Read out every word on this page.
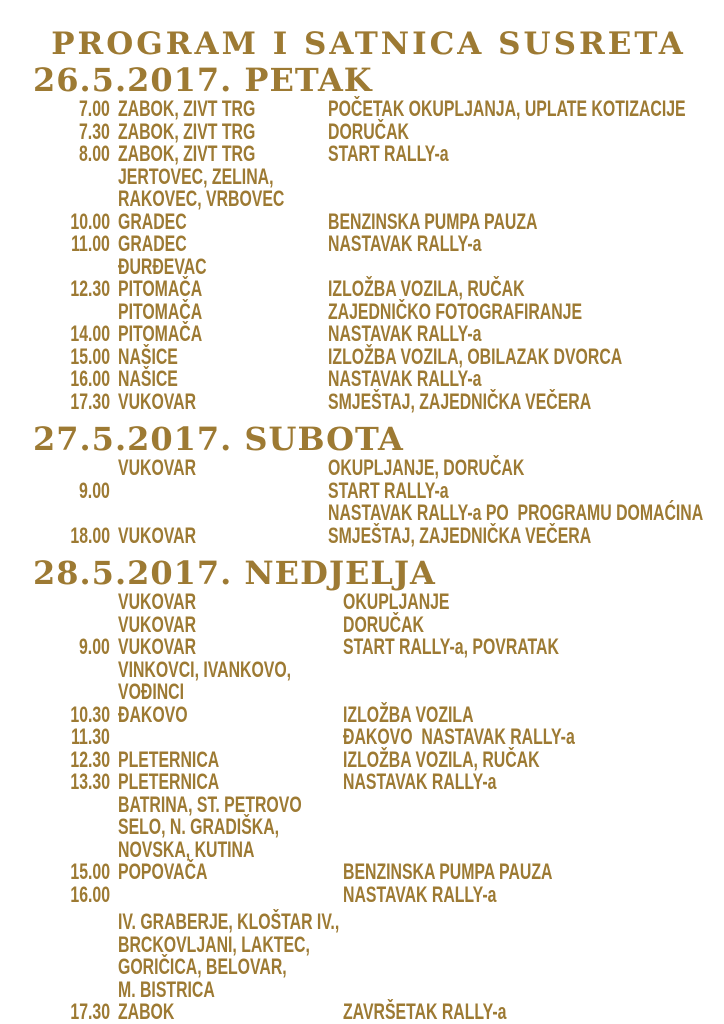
PROGRAM I SATNICA SUSRETA
26.5.2017. PETAK
7.00 ZABOK, ZIVT TRG	POČETAK OKUPLJANJA, UPLATE KOTIZACIJE
7.30 ZABOK, ZIVT TRG	DORUČAK
8.00 ZABOK, ZIVT TRG	START RALLY-a
JERTOVEC, ZELINA,
RAKOVEC, VRBOVEC
10.00 GRADEC	BENZINSKA PUMPA PAUZA
11.00 GRADEC	NASTAVAK RALLY-a
ĐURĐEVAC
12.30 PITOMAČA	IZLOŽBA VOZILA, RUČAK
PITOMAČA	ZAJEDNIČKO FOTOGRAFIRANJE
14.00 PITOMAČA	NASTAVAK RALLY-a
15.00 NAŠICE	IZLOŽBA VOZILA, OBILAZAK DVORCA
16.00 NAŠICE	NASTAVAK RALLY-a
17.30 VUKOVAR	SMJEŠTAJ, ZAJEDNIČKA VEČERA
27.5.2017. SUBOTA
VUKOVAR	OKUPLJANJE, DORUČAK
9.00	START RALLY-a
NASTAVAK RALLY-a PO  PROGRAMU DOMAĆINA
18.00 VUKOVAR	SMJEŠTAJ, ZAJEDNIČKA VEČERA
28.5.2017. NEDJELJA
VUKOVAR	OKUPLJANJE
VUKOVAR	DORUČAK
9.00 VUKOVAR	START RALLY-a, POVRATAK
VINKOVCI, IVANKOVO,
VOĐINCI
10.30 ĐAKOVO	IZLOŽBA VOZILA
11.30	ĐAKOVO  NASTAVAK RALLY-a
12.30 PLETERNICA	IZLOŽBA VOZILA, RUČAK
13.30 PLETERNICA	NASTAVAK RALLY-a
BATRINA, ST. PETROVO
SELO, N. GRADIŠKA,
NOVSKA, KUTINA
15.00 POPOVAČA	BENZINSKA PUMPA PAUZA
16.00	NASTAVAK RALLY-a
IV. GRABERJE, KLOŠTAR IV.,
BRCKOVLJANI, LAKTEC,
GORIČICA, BELOVAR,
M. BISTRICA
17.30 ZABOK	ZAVRŠETAK RALLY-a
